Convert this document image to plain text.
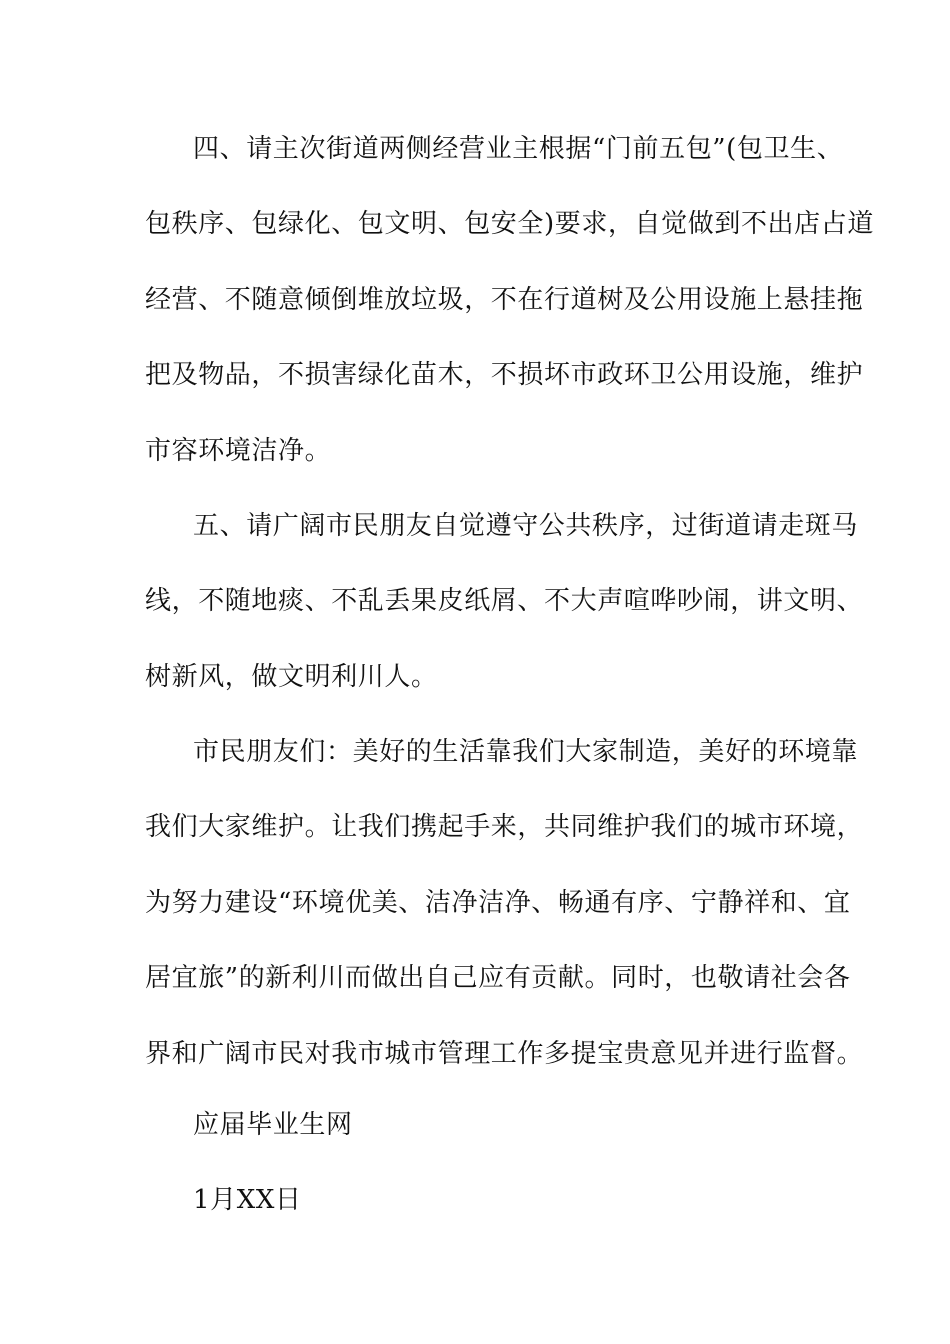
四、请主次街道两侧经营业主根据“门前五包”(包卫生、
包秩序、包绿化、包文明、包安全)要求，自觉做到不出店占道
经营、不随意倾倒堆放垃圾，不在行道树及公用设施上悬挂拖
把及物品，不损害绿化苗木，不损坏市政环卫公用设施，维护
市容环境洁净。
五、请广阔市民朋友自觉遵守公共秩序，过街道请走斑马
线，不随地痰、不乱丢果皮纸屑、不大声喧哗吵闹，讲文明、
树新风，做文明利川人。
市民朋友们：美好的生活靠我们大家制造，美好的环境靠
我们大家维护。让我们携起手来，共同维护我们的城市环境，
为努力建设“环境优美、洁净洁净、畅通有序、宁静祥和、宜
居宜旅”的新利川而做出自己应有贡献。同时，也敬请社会各
界和广阔市民对我市城市管理工作多提宝贵意见并进行监督。
应届毕业生网
1月XX日
